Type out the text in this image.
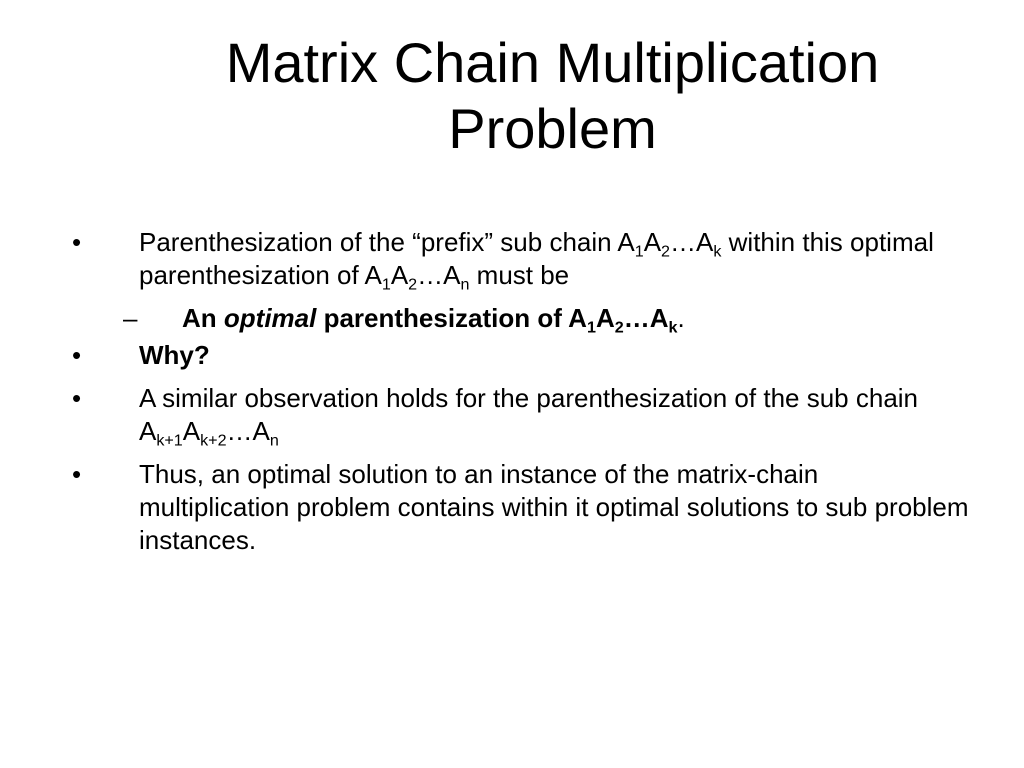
Matrix Chain Multiplication
Problem
• Parenthesization of the “prefix” sub chain $A_1A_2\dots A_k$ within this optimal parenthesization of $A_1A_2\dots A_n$ must be
– An optimal parenthesization of $A_1A_2\dots A_k$.
• Why?
• A similar observation holds for the parenthesization of the sub chain $A_{k+1}A_{k+2}\dots A_n$
• Thus, an optimal solution to an instance of the matrix-chain multiplication problem contains within it optimal solutions to sub problem instances.
